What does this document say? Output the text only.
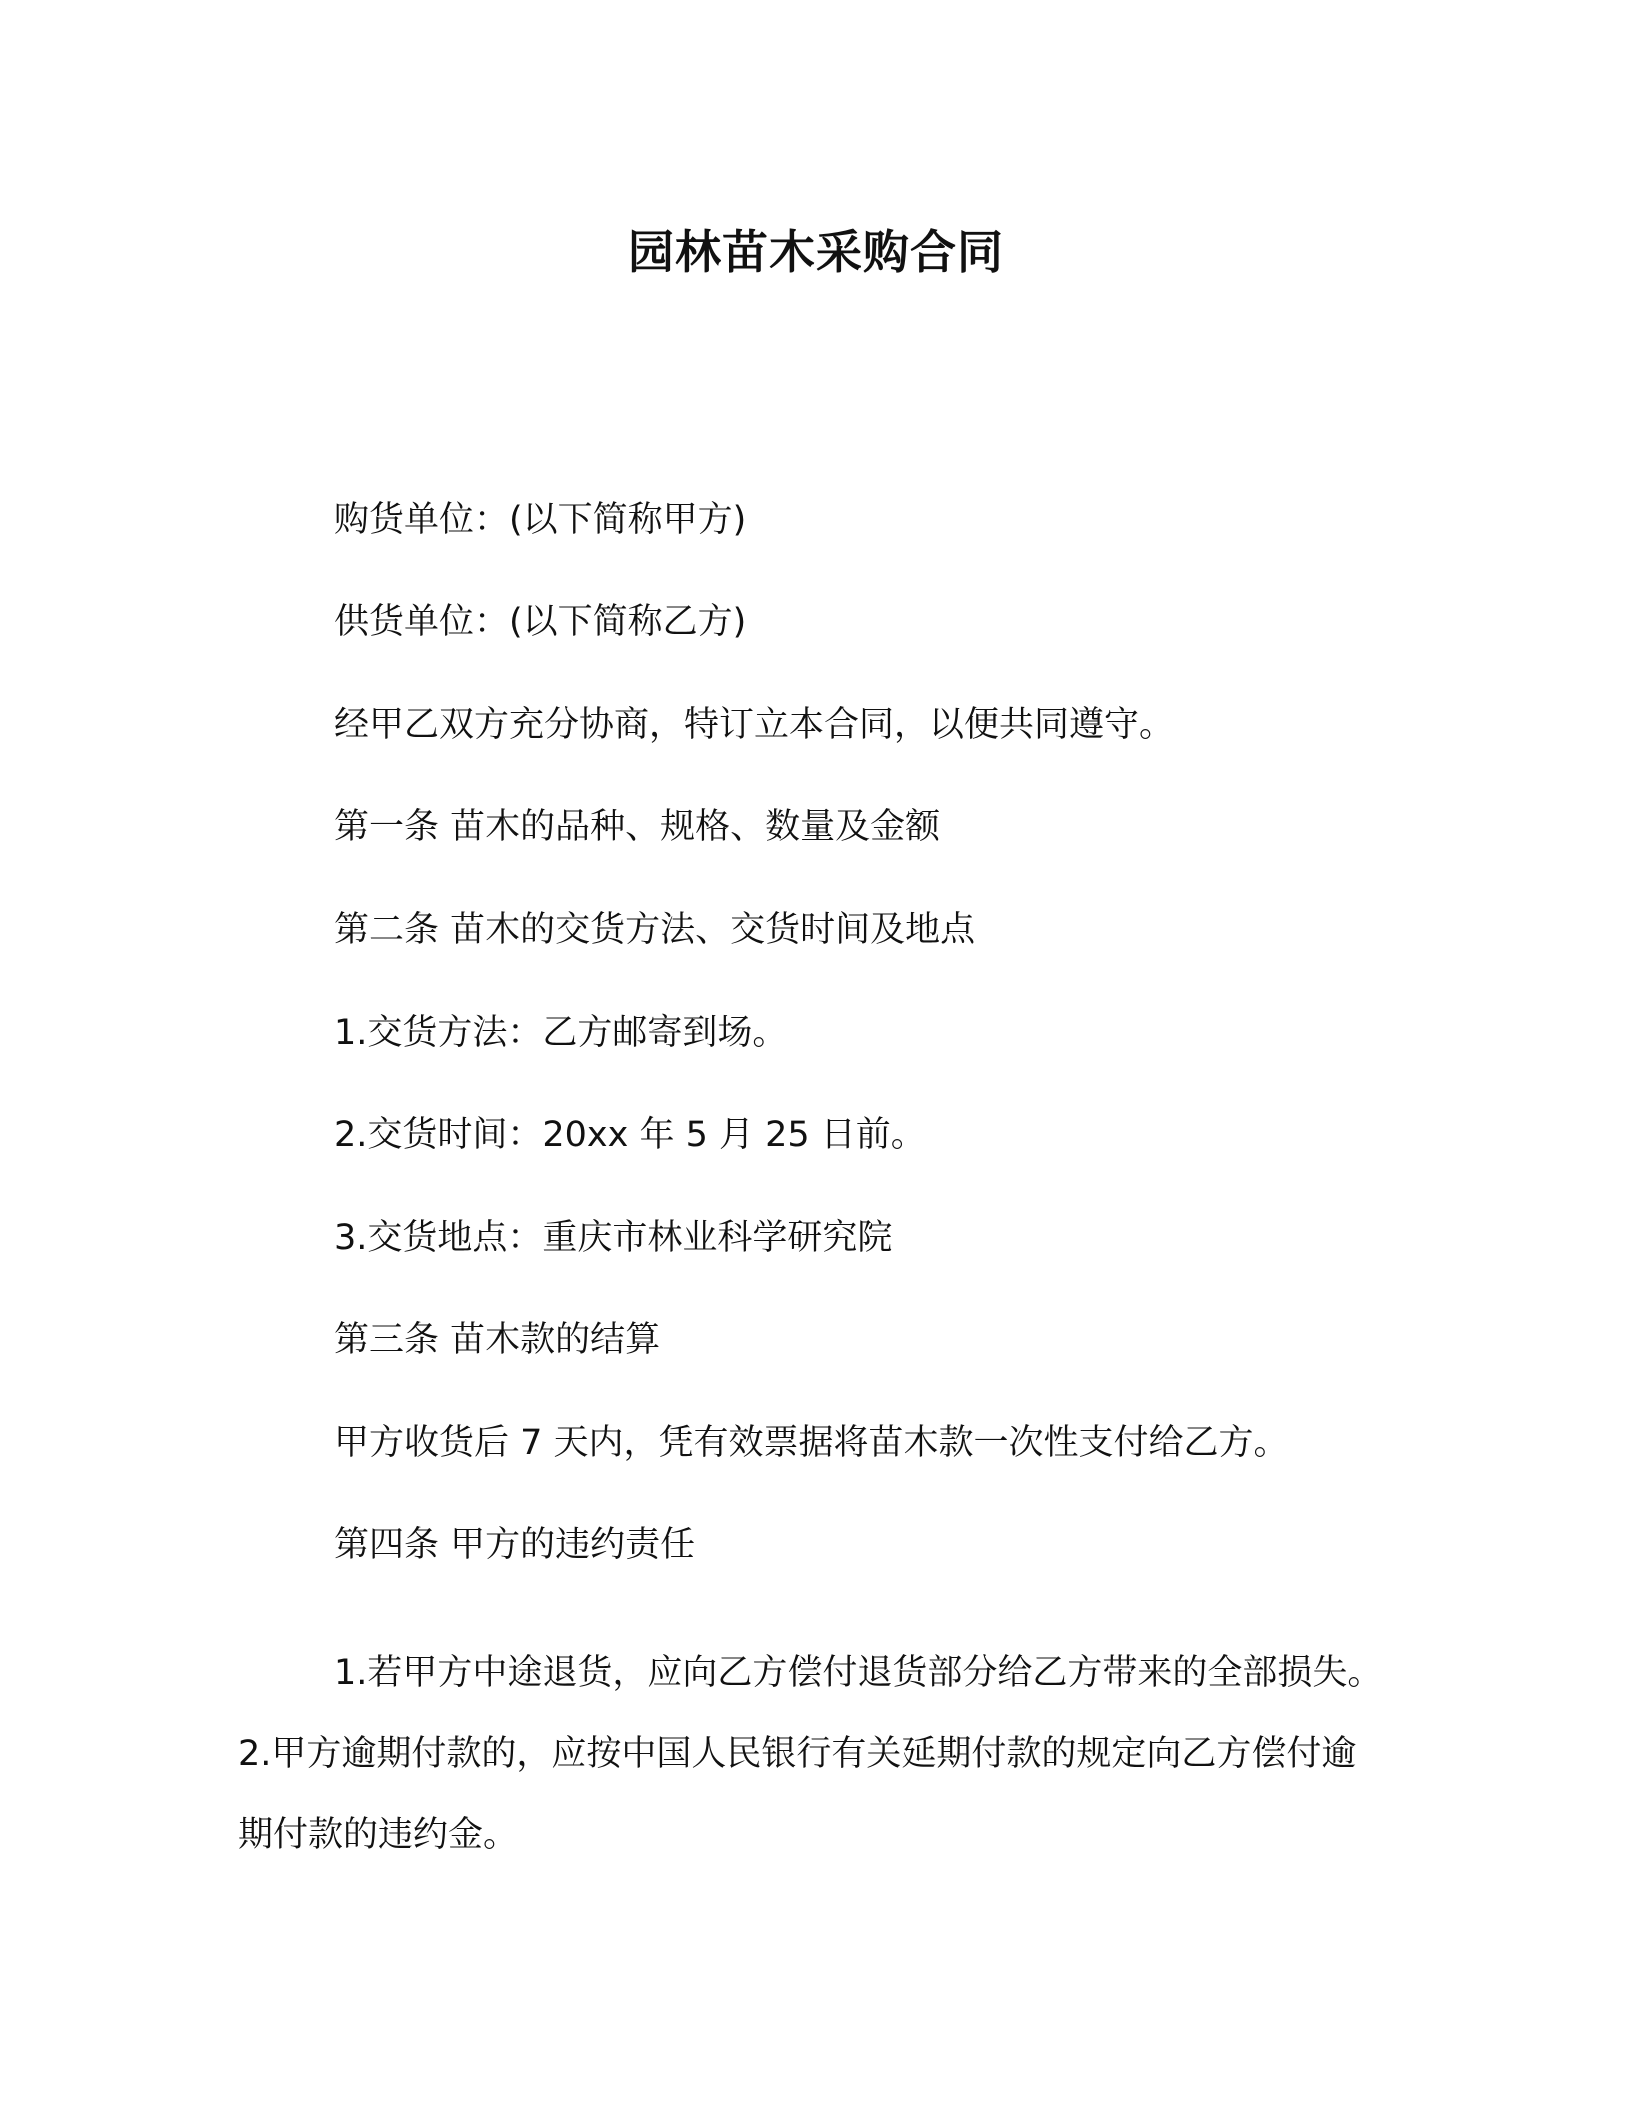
园林苗木采购合同
购货单位：(以下简称甲方)
供货单位：(以下简称乙方)
经甲乙双方充分协商，特订立本合同，以便共同遵守。
第一条 苗木的品种、规格、数量及金额
第二条 苗木的交货方法、交货时间及地点
1.交货方法：乙方邮寄到场。
2.交货时间：20xx 年 5 月 25 日前。
3.交货地点：重庆市林业科学研究院
第三条 苗木款的结算
甲方收货后 7 天内，凭有效票据将苗木款一次性支付给乙方。
第四条 甲方的违约责任
1.若甲方中途退货，应向乙方偿付退货部分给乙方带来的全部损失。 2.甲方逾期付款的，应按中国人民银行有关延期付款的规定向乙方偿付逾期付款的违约金。
